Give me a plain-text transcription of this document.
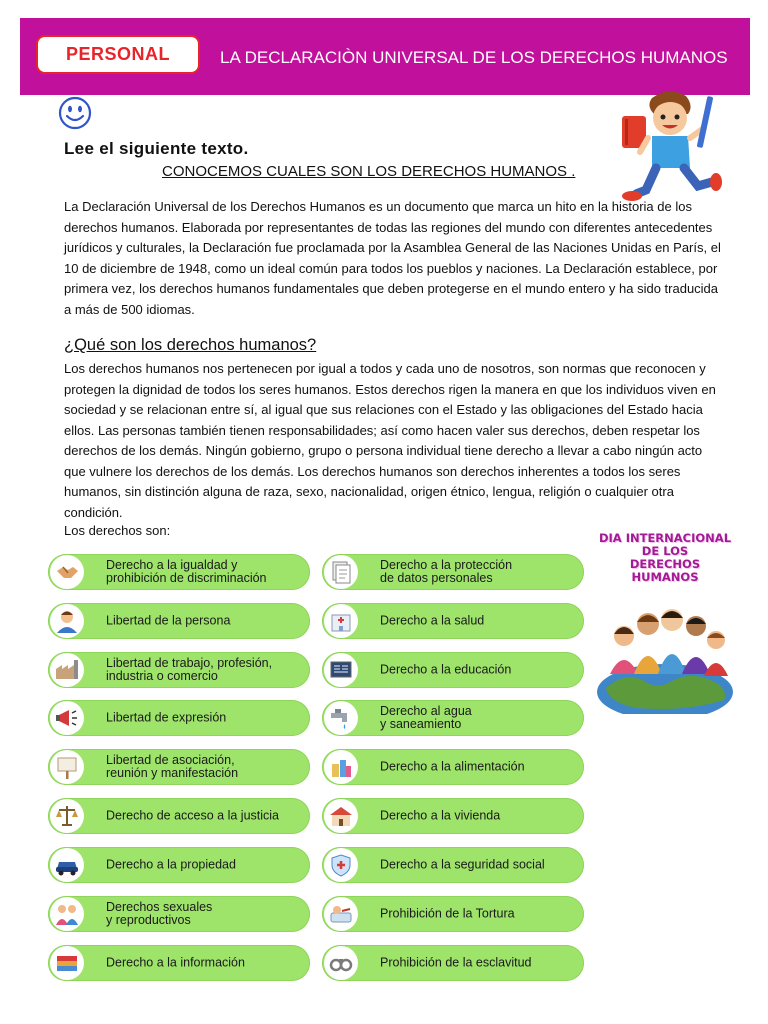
PERSONAL	LA DECLARACIÒN UNIVERSAL DE LOS DERECHOS HUMANOS
Lee el siguiente texto.
CONOCEMOS CUALES SON LOS DERECHOS HUMANOS .
La Declaración Universal de los Derechos Humanos es un documento que marca un hito en la historia de los derechos humanos. Elaborada por representantes de todas las regiones del mundo con diferentes antecedentes jurídicos y culturales, la Declaración fue proclamada por la Asamblea General de las Naciones Unidas en París, el 10 de diciembre de 1948, como un ideal común para todos los pueblos y naciones. La Declaración establece, por primera vez, los derechos humanos fundamentales que deben protegerse en el mundo entero y ha sido traducida a más de 500 idiomas.
¿Qué son los derechos humanos?
Los derechos humanos nos pertenecen por igual a todos y cada uno de nosotros, son normas que reconocen y protegen la dignidad de todos los seres humanos. Estos derechos rigen la manera en que los individuos viven en sociedad y se relacionan entre sí, al igual que sus relaciones con el Estado y las obligaciones del Estado hacia ellos. Las personas también tienen responsabilidades; así como hacen valer sus derechos, deben respetar los derechos de los demás. Ningún gobierno, grupo o persona individual tiene derecho a llevar a cabo ningún acto que vulnere los derechos de los demás. Los derechos humanos son derechos inherentes a todos los seres humanos, sin distinción alguna de raza, sexo, nacionalidad, origen étnico, lengua, religión o cualquier otra condición.
Los derechos son:
Derecho a la igualdad y
prohibición de discriminación
Libertad de la persona
Libertad de trabajo, profesión,
industria o comercio
Libertad de expresión
Libertad de asociación,
reunión y manifestación
Derecho de acceso a la justicia
Derecho a la propiedad
Derechos sexuales
y reproductivos
Derecho a la información
Derecho a la protección
de datos personales
Derecho a la salud
Derecho a la educación
Derecho al agua
y saneamiento
Derecho a la alimentación
Derecho a la vivienda
Derecho a la seguridad social
Prohibición de la Tortura
Prohibición de la esclavitud
DIA INTERNACIONAL
DE LOS
DERECHOS
HUMANOS
